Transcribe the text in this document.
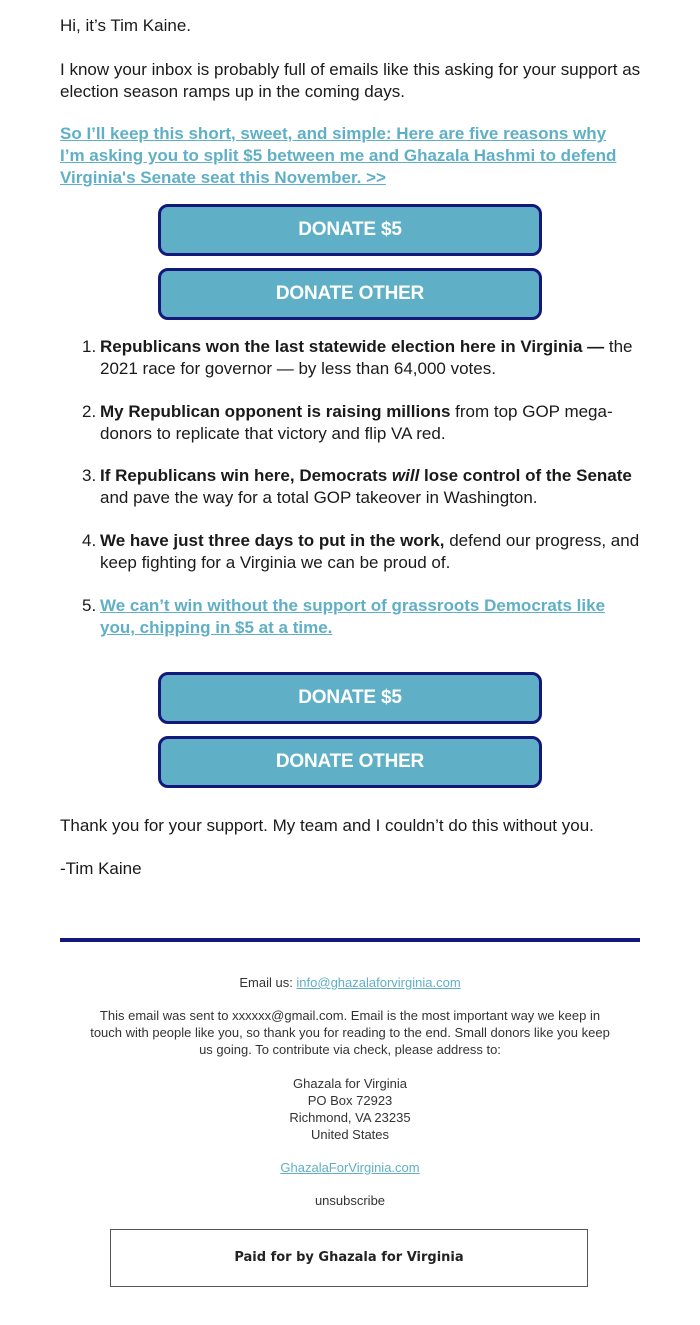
Hi, it’s Tim Kaine.

I know your inbox is probably full of emails like this asking for your support as election season ramps up in the coming days.

So I’ll keep this short, sweet, and simple: Here are five reasons why I’m asking you to split $5 between me and Ghazala Hashmi to defend Virginia's Senate seat this November. >>

DONATE $5
DONATE OTHER
1. Republicans won the last statewide election here in Virginia — the 2021 race for governor — by less than 64,000 votes.
2. My Republican opponent is raising millions from top GOP mega-donors to replicate that victory and flip VA red.
3. If Republicans win here, Democrats will lose control of the Senate and pave the way for a total GOP takeover in Washington.
4. We have just three days to put in the work, defend our progress, and keep fighting for a Virginia we can be proud of.
5. We can’t win without the support of grassroots Democrats like you, chipping in $5 at a time.
DONATE $5
DONATE OTHER

Thank you for your support. My team and I couldn’t do this without you.

-Tim Kaine

Email us: info@ghazalaforvirginia.com
This email was sent to xxxxxx@gmail.com. Email is the most important way we keep in touch with people like you, so thank you for reading to the end. Small donors like you keep us going. To contribute via check, please address to:
Ghazala for Virginia
PO Box 72923
Richmond, VA 23235
United States
GhazalaForVirginia.com
unsubscribe
Paid for by Ghazala for Virginia
